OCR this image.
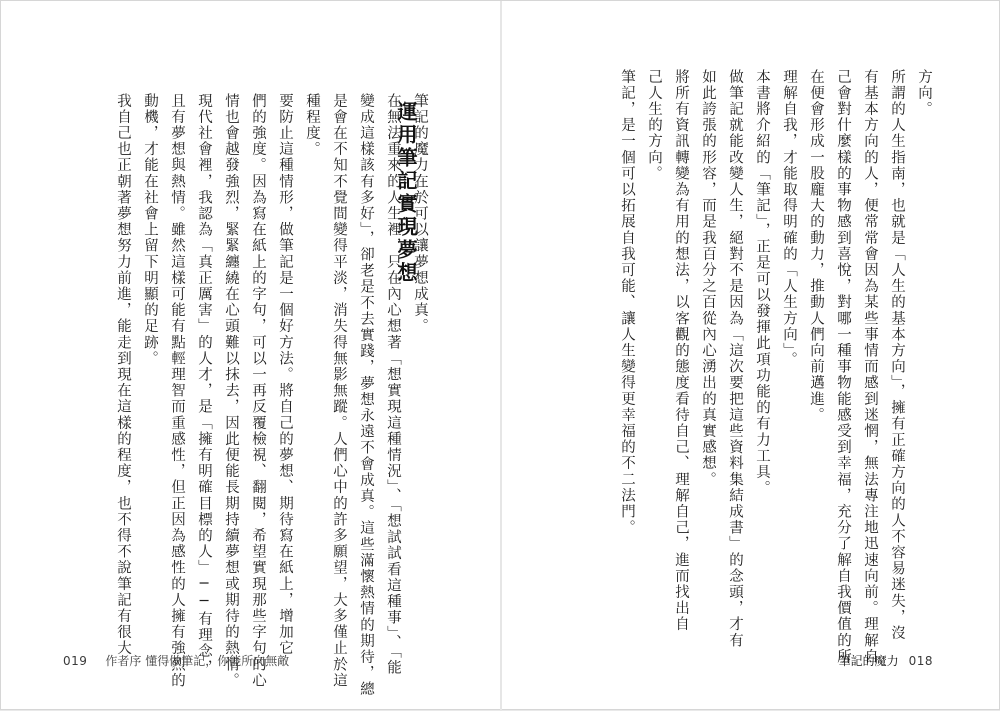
方向。

所謂的人生指南，也就是「人生的基本方向」，擁有正確方向的人不容易迷失，沒

有基本方向的人，便常常會因為某些事情而感到迷惘，無法專注地迅速向前。理解自

己會對什麼樣的事物感到喜悅，對哪一種事物能感受到幸福，充分了解自我價值的所

在便會形成一股龐大的動力，推動人們向前邁進。

理解自我，才能取得明確的「人生方向」。

本書將介紹的「筆記」，正是可以發揮此項功能的有力工具。

做筆記就能改變人生，絕對不是因為「這次要把這些資料集結成書」的念頭，才有

如此誇張的形容，而是我百分之百從內心湧出的真實感想。

將所有資訊轉變為有用的想法，以客觀的態度看待自己、理解自己，進而找出自

己人生的方向。

筆記，是一個可以拓展自我可能、讓人生變得更幸福的不二法門。

運用筆記實現夢想

筆記的魔力在於可以讓夢想成真。

在無法重來的人生裡，只在內心想著「想實現這種情況」、「想試試看這種事」、「能

變成這樣該有多好」，卻老是不去實踐，夢想永遠不會成真。這些滿懷熱情的期待，總

是會在不知不覺間變得平淡，消失得無影無蹤。人們心中的許多願望，大多僅止於這

種程度。

要防止這種情形，做筆記是一個好方法。將自己的夢想、期待寫在紙上，增加它

們的強度。因為寫在紙上的字句，可以一再反覆檢視、翻閱，希望實現那些字句的心

情也會越發強烈，緊緊纏繞在心頭難以抹去，因此便能長期持續夢想或期待的熱情。

現代社會裡，我認為「真正厲害」的人才，是「擁有明確目標的人」──有理念，

且有夢想與熱情。雖然這樣可能有點輕理智而重感性，但正因為感性的人擁有強烈的

動機，才能在社會上留下明顯的足跡。

我自己也正朝著夢想努力前進，能走到現在這樣的程度，也不得不說筆記有很大

019 作者序 懂得做筆記，你能所向無敵	筆記的魔力 018
